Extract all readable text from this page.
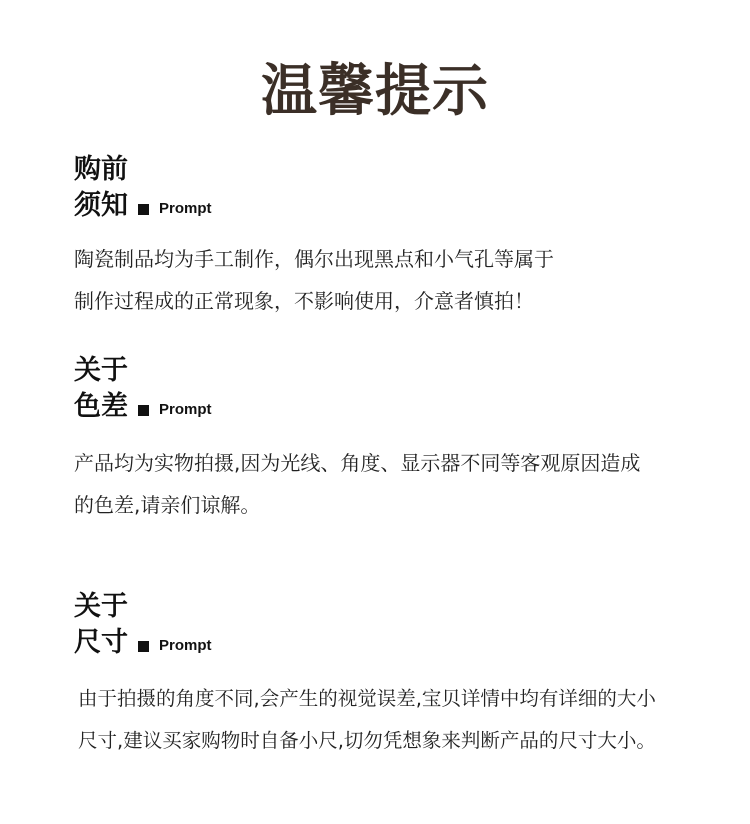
温馨提示
购前
须知 Prompt
陶瓷制品均为手工制作，偶尔出现黑点和小气孔等属于
制作过程成的正常现象，不影响使用，介意者慎拍！
关于
色差 Prompt
产品均为实物拍摄,因为光线、角度、显示器不同等客观原因造成
的色差,请亲们谅解。
关于
尺寸 Prompt
由于拍摄的角度不同,会产生的视觉误差,宝贝详情中均有详细的大小
尺寸,建议买家购物时自备小尺,切勿凭想象来判断产品的尺寸大小。
